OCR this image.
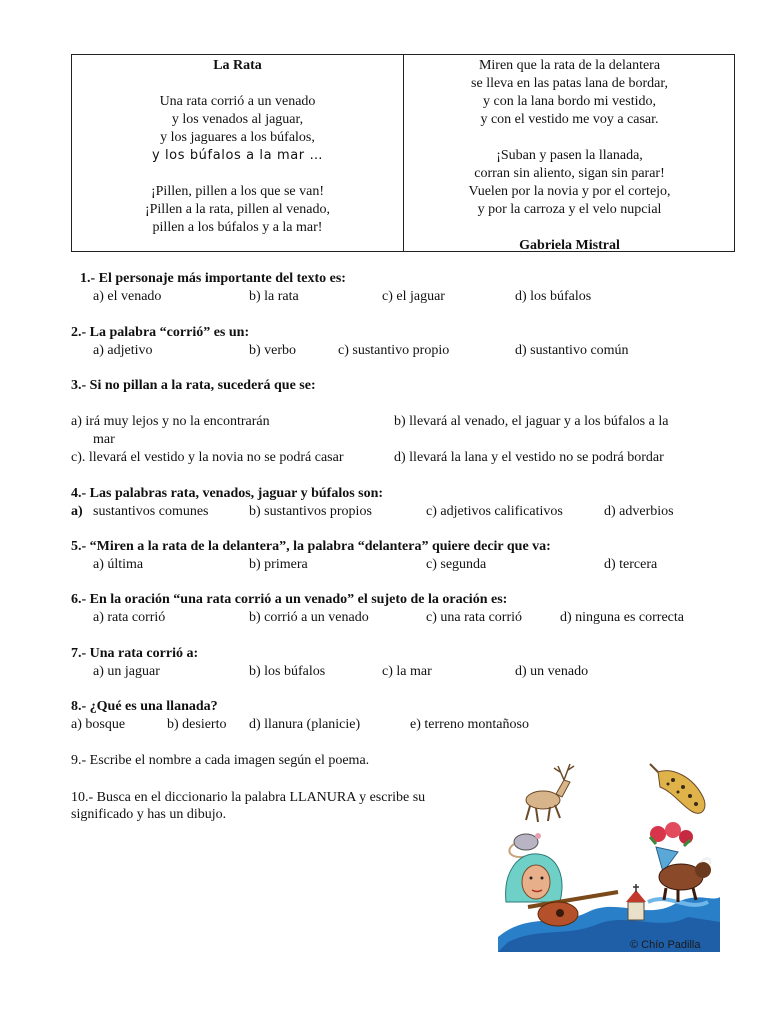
La Rata
Una rata corrió a un venado
y los venados al jaguar,
y los jaguares a los búfalos,
y los búfalos a la mar …
¡Pillen, pillen a los que se van!
¡Pillen a la rata, pillen al venado,
pillen a los búfalos y a la mar!
Miren que la rata de la delantera
se lleva en las patas lana de bordar,
y con la lana bordo mi vestido,
y con el vestido me voy a casar.
¡Suban y pasen la llanada,
corran sin aliento, sigan sin parar!
Vuelen por la novia y por el cortejo,
y por la carroza y el velo nupcial
Gabriela Mistral
1.- El personaje más importante del texto es:
a) el venado	b) la rata	c) el jaguar	d) los búfalos
2.- La palabra “corrió” es un:
a) adjetivo	b) verbo	c) sustantivo propio	d) sustantivo común
3.- Si no pillan a la rata, sucederá que se:
a) irá muy lejos y no la encontrarán	b) llevará al venado, el jaguar y a los búfalos a la
mar
c). llevará el vestido y la novia no se podrá casar	d) llevará la lana y el vestido no se podrá bordar
4.- Las palabras rata, venados, jaguar y búfalos son:
a) sustantivos comunes	b) sustantivos propios	c) adjetivos calificativos	d) adverbios
5.- “Miren a la rata de la delantera”, la palabra “delantera” quiere decir que va:
a) última	b) primera	c) segunda	d) tercera
6.- En la oración “una rata corrió a un venado” el sujeto de la oración es:
a) rata corrió	b) corrió a un venado	c) una rata corrió	d) ninguna es correcta
7.- Una rata corrió a:
a) un jaguar	b) los búfalos	c) la mar	d) un venado
8.- ¿Qué es una llanada?
a) bosque	b) desierto d) llanura (planicie)	e) terreno montañoso
9.- Escribe el nombre a cada imagen según el poema.
10.- Busca en el diccionario la palabra LLANURA y escribe su
significado y has un dibujo.
© Chío Padilla
